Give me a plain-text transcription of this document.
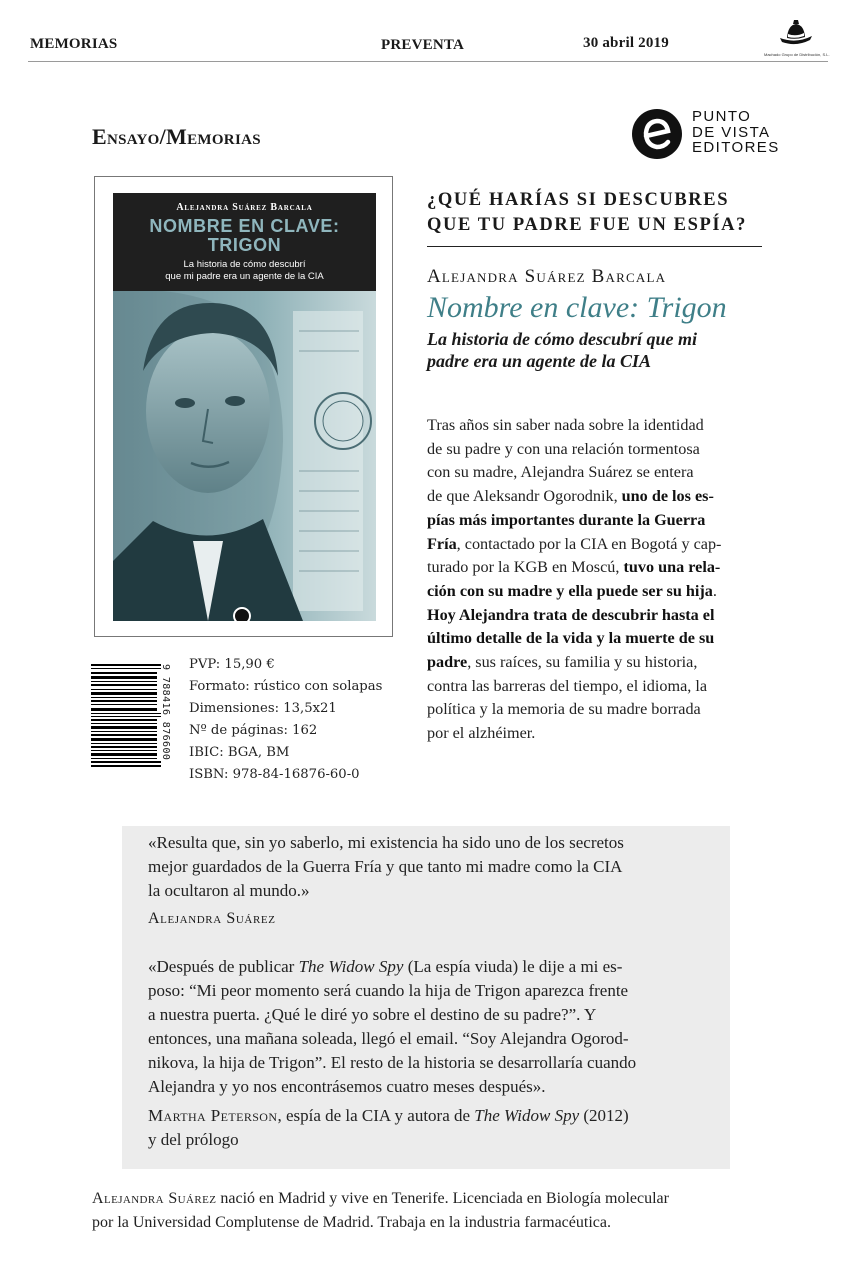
MEMORIAS	PREVENTA	30 abril 2019
Machado Grupo de Distribución, S.L.
Ensayo/Memorias
PUNTO
DE VISTA
EDITORES
Alejandra Suárez Barcala
NOMBRE EN CLAVE:
TRIGON
La historia de cómo descubrí
que mi padre era un agente de la CIA
9 788416 876600 PVP: 15,90 €
Formato: rústico con solapas
Dimensiones: 13,5x21
Nº de páginas: 162
IBIC: BGA, BM
ISBN: 978-84-16876-60-0
¿QUÉ HARÍAS SI DESCUBRES
QUE TU PADRE FUE UN ESPÍA?
Alejandra Suárez Barcala
Nombre en clave: Trigon
La historia de cómo descubrí que mi
padre era un agente de la CIA
Tras años sin saber nada sobre la identidad
de su padre y con una relación tormentosa
con su madre, Alejandra Suárez se entera
de que Aleksandr Ogorodnik, uno de los es-
pías más importantes durante la Guerra
Fría, contactado por la CIA en Bogotá y cap-
turado por la KGB en Moscú, tuvo una rela-
ción con su madre y ella puede ser su hija.
Hoy Alejandra trata de descubrir hasta el
último detalle de la vida y la muerte de su
padre, sus raíces, su familia y su historia,
contra las barreras del tiempo, el idioma, la
política y la memoria de su madre borrada
por el alzhéimer.
«Resulta que, sin yo saberlo, mi existencia ha sido uno de los secretos
mejor guardados de la Guerra Fría y que tanto mi madre como la CIA
la ocultaron al mundo.»
Alejandra Suárez
«Después de publicar The Widow Spy (La espía viuda) le dije a mi es-
poso: “Mi peor momento será cuando la hija de Trigon aparezca frente
a nuestra puerta. ¿Qué le diré yo sobre el destino de su padre?”. Y
entonces, una mañana soleada, llegó el email. “Soy Alejandra Ogorod-
nikova, la hija de Trigon”. El resto de la historia se desarrollaría cuando
Alejandra y yo nos encontrásemos cuatro meses después».
Martha Peterson, espía de la CIA y autora de The Widow Spy (2012)
y del prólogo
Alejandra Suárez nació en Madrid y vive en Tenerife. Licenciada en Biología molecular
por la Universidad Complutense de Madrid. Trabaja en la industria farmacéutica.
